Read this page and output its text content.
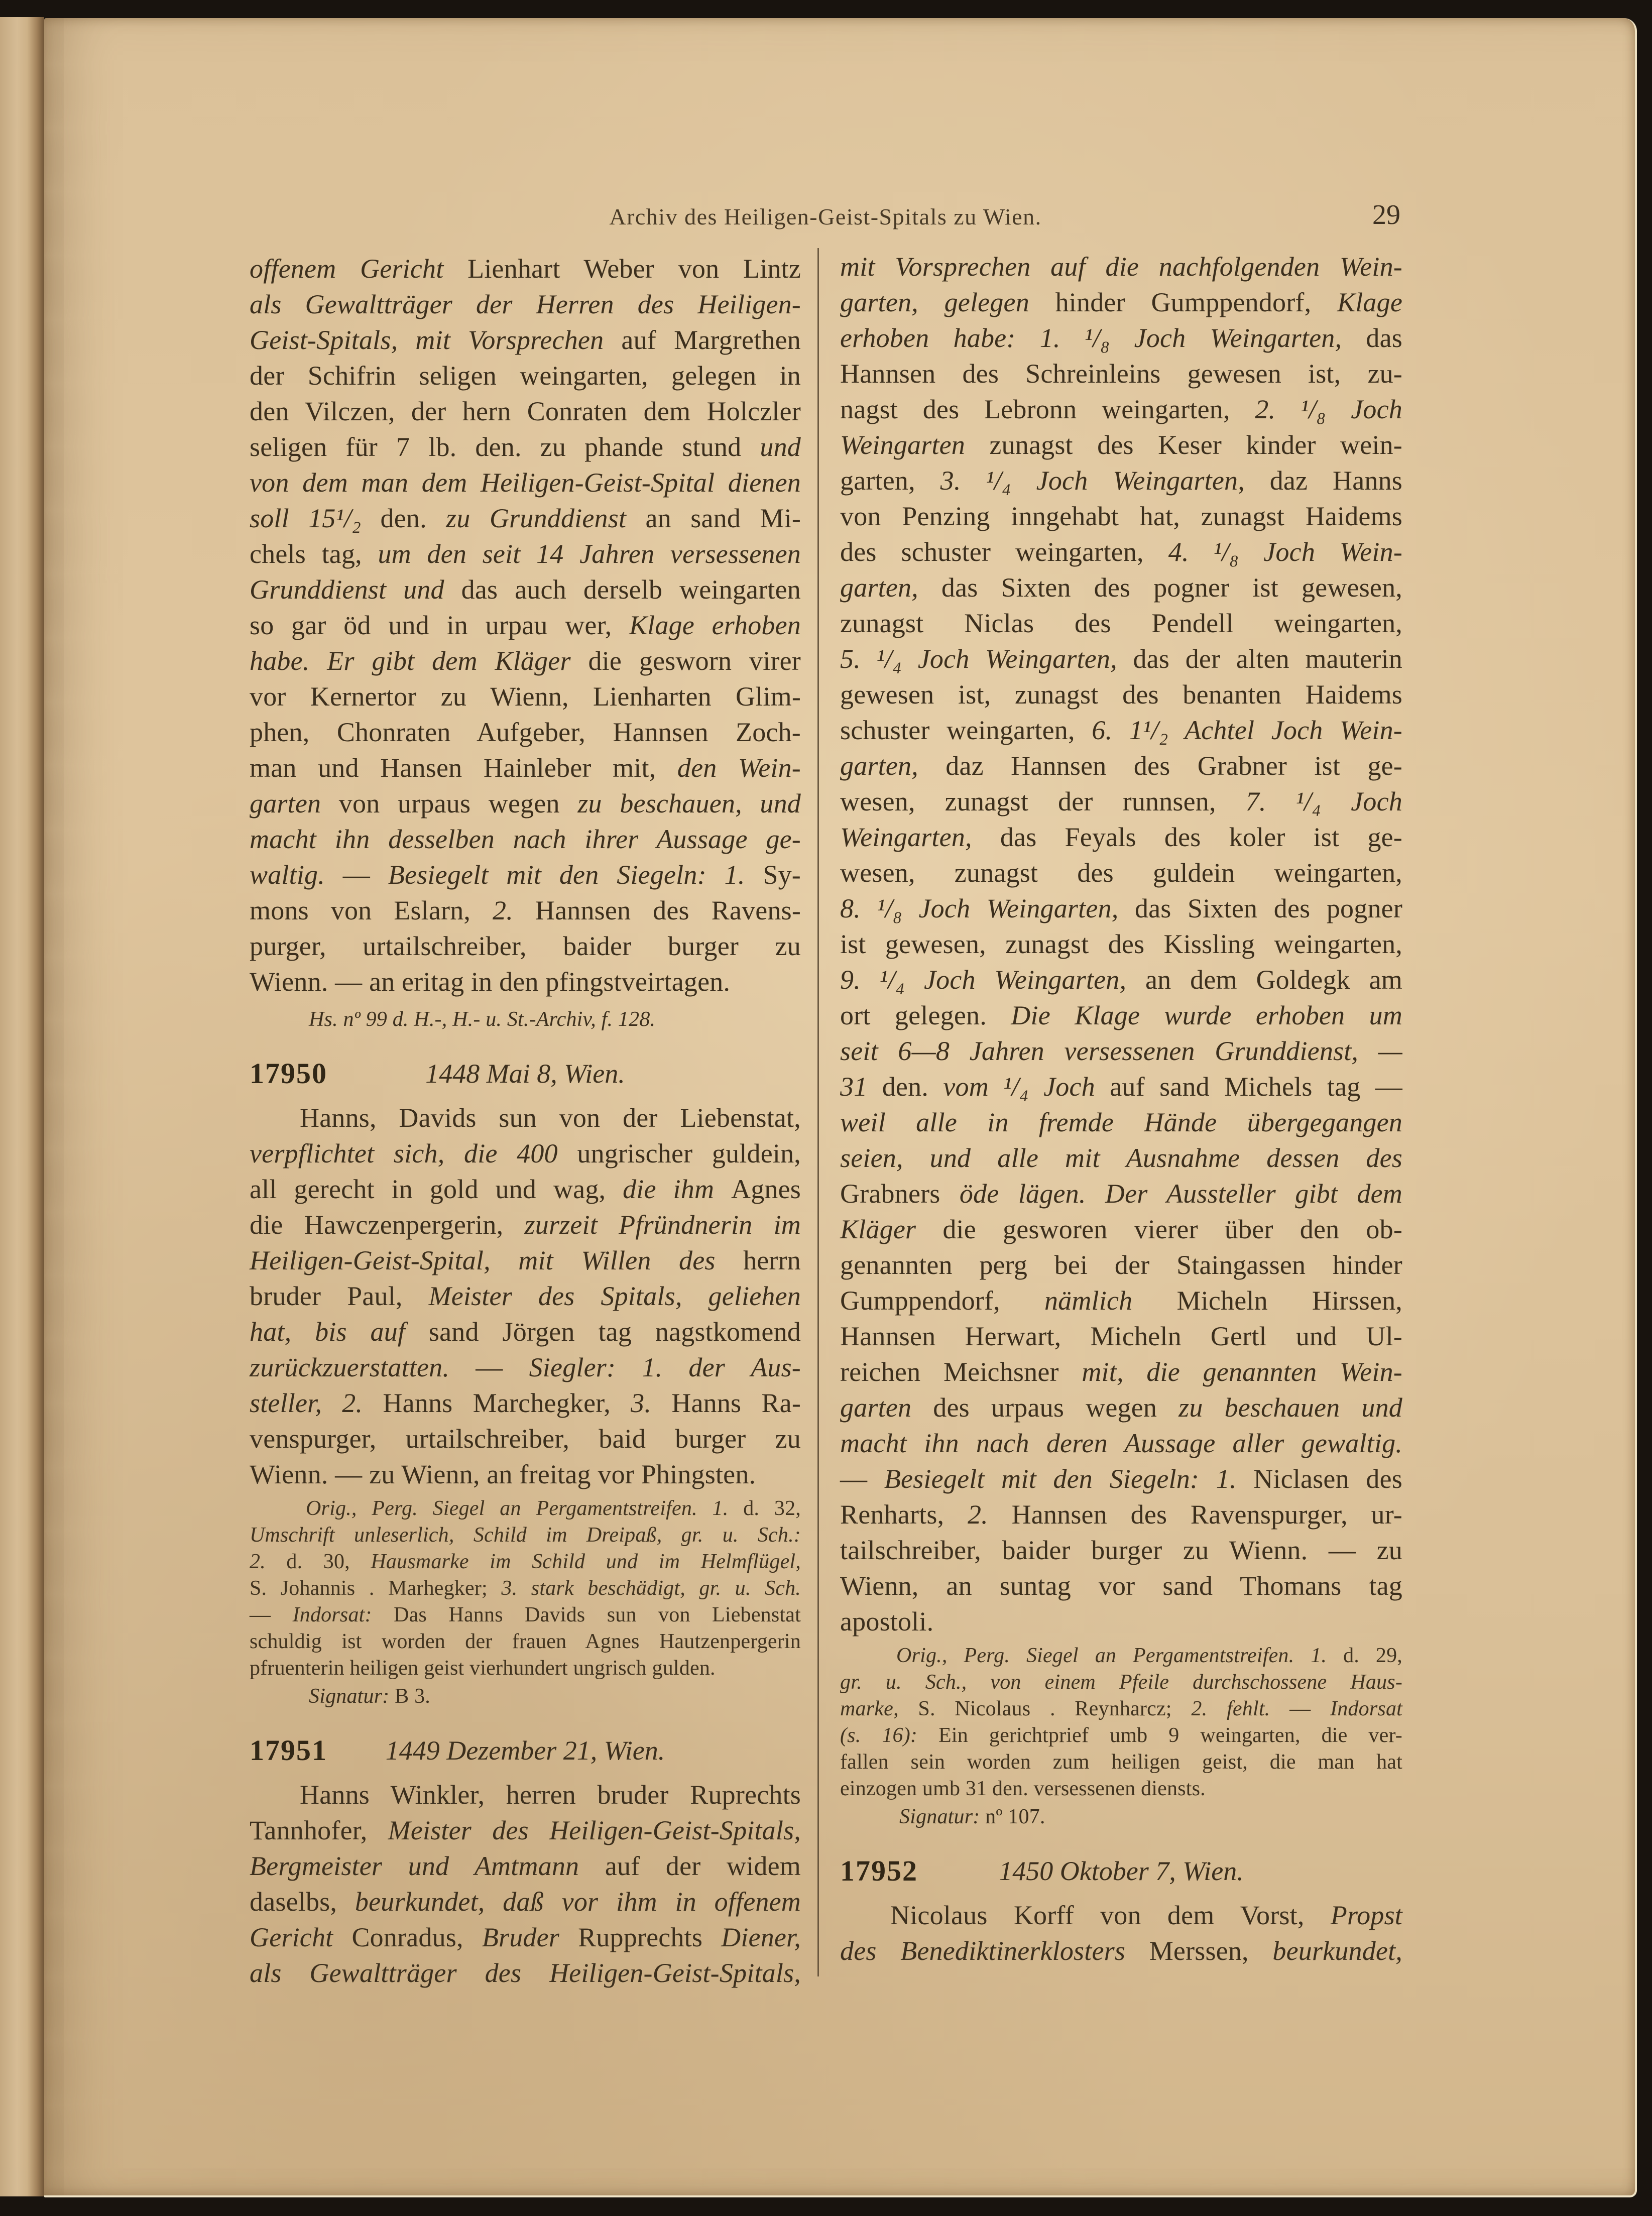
Archiv des Heiligen-Geist-Spitals zu Wien.	29
offenem Gericht Lienhart Weber von Lintz
als Gewaltträger der Herren des Heiligen-
Geist-Spitals, mit Vorsprechen auf Margrethen
der Schifrin seligen weingarten, gelegen in
den Vilczen, der hern Conraten dem Holczler
seligen für 7 lb. den. zu phande stund und
von dem man dem Heiligen-Geist-Spital dienen
soll 15¹/₂ den. zu Grunddienst an sand Mi-
chels tag, um den seit 14 Jahren versessenen
Grunddienst und das auch derselb weingarten
so gar öd und in urpau wer, Klage erhoben
habe. Er gibt dem Kläger die gesworn virer
vor Kernertor zu Wienn, Lienharten Glim-
phen, Chonraten Aufgeber, Hannsen Zoch-
man und Hansen Hainleber mit, den Wein-
garten von urpaus wegen zu beschauen, und
macht ihn desselben nach ihrer Aussage ge-
waltig. — Besiegelt mit den Siegeln: 1. Sy-
mons von Eslarn, 2. Hannsen des Ravens-
purger, urtailschreiber, baider burger zu
Wienn. — an eritag in den pfingstveirtagen.
Hs. nº 99 d. H.-, H.- u. St.-Archiv, f. 128.
17950	1448 Mai 8, Wien.
Hanns, Davids sun von der Liebenstat,
verpflichtet sich, die 400 ungrischer guldein,
all gerecht in gold und wag, die ihm Agnes
die Hawczenpergerin, zurzeit Pfründnerin im
Heiligen-Geist-Spital, mit Willen des herrn
bruder Paul, Meister des Spitals, geliehen
hat, bis auf sand Jörgen tag nagstkomend
zurückzuerstatten. — Siegler: 1. der Aus-
steller, 2. Hanns Marchegker, 3. Hanns Ra-
venspurger, urtailschreiber, baid burger zu
Wienn. — zu Wienn, an freitag vor Phingsten.
Orig., Perg. Siegel an Pergamentstreifen. 1. d. 32,
Umschrift unleserlich, Schild im Dreipaß, gr. u. Sch.:
2. d. 30, Hausmarke im Schild und im Helmflügel,
S. Johannis . Marhegker; 3. stark beschädigt, gr. u. Sch.
— Indorsat: Das Hanns Davids sun von Liebenstat
schuldig ist worden der frauen Agnes Hautzenpergerin
pfruenterin heiligen geist vierhundert ungrisch gulden.
Signatur: B 3.
17951	1449 Dezember 21, Wien.
Hanns Winkler, herren bruder Ruprechts
Tannhofer, Meister des Heiligen-Geist-Spitals,
Bergmeister und Amtmann auf der widem
daselbs, beurkundet, daß vor ihm in offenem
Gericht Conradus, Bruder Rupprechts Diener,
als Gewaltträger des Heiligen-Geist-Spitals,
mit Vorsprechen auf die nachfolgenden Wein-
garten, gelegen hinder Gumppendorf, Klage
erhoben habe: 1. ¹/₈ Joch Weingarten, das
Hannsen des Schreinleins gewesen ist, zu-
nagst des Lebronn weingarten, 2. ¹/₈ Joch
Weingarten zunagst des Keser kinder wein-
garten, 3. ¹/₄ Joch Weingarten, daz Hanns
von Penzing inngehabt hat, zunagst Haidems
des schuster weingarten, 4. ¹/₈ Joch Wein-
garten, das Sixten des pogner ist gewesen,
zunagst Niclas des Pendell weingarten,
5. ¹/₄ Joch Weingarten, das der alten mauterin
gewesen ist, zunagst des benanten Haidems
schuster weingarten, 6. 1¹/₂ Achtel Joch Wein-
garten, daz Hannsen des Grabner ist ge-
wesen, zunagst der runnsen, 7. ¹/₄ Joch
Weingarten, das Feyals des koler ist ge-
wesen, zunagst des guldein weingarten,
8. ¹/₈ Joch Weingarten, das Sixten des pogner
ist gewesen, zunagst des Kissling weingarten,
9. ¹/₄ Joch Weingarten, an dem Goldegk am
ort gelegen. Die Klage wurde erhoben um
seit 6—8 Jahren versessenen Grunddienst, —
31 den. vom ¹/₄ Joch auf sand Michels tag —
weil alle in fremde Hände übergegangen
seien, und alle mit Ausnahme dessen des
Grabners öde lägen. Der Aussteller gibt dem
Kläger die gesworen vierer über den ob-
genannten perg bei der Staingassen hinder
Gumppendorf, nämlich Micheln Hirssen,
Hannsen Herwart, Micheln Gertl und Ul-
reichen Meichsner mit, die genannten Wein-
garten des urpaus wegen zu beschauen und
macht ihn nach deren Aussage aller gewaltig.
— Besiegelt mit den Siegeln: 1. Niclasen des
Renharts, 2. Hannsen des Ravenspurger, ur-
tailschreiber, baider burger zu Wienn. — zu
Wienn, an suntag vor sand Thomans tag
apostoli.
Orig., Perg. Siegel an Pergamentstreifen. 1. d. 29,
gr. u. Sch., von einem Pfeile durchschossene Haus-
marke, S. Nicolaus . Reynharcz; 2. fehlt. — Indorsat
(s. 16): Ein gerichtprief umb 9 weingarten, die ver-
fallen sein worden zum heiligen geist, die man hat
einzogen umb 31 den. versessenen diensts.
Signatur: nº 107.
17952	1450 Oktober 7, Wien.
Nicolaus Korff von dem Vorst, Propst
des Benediktinerklosters Merssen, beurkundet,
